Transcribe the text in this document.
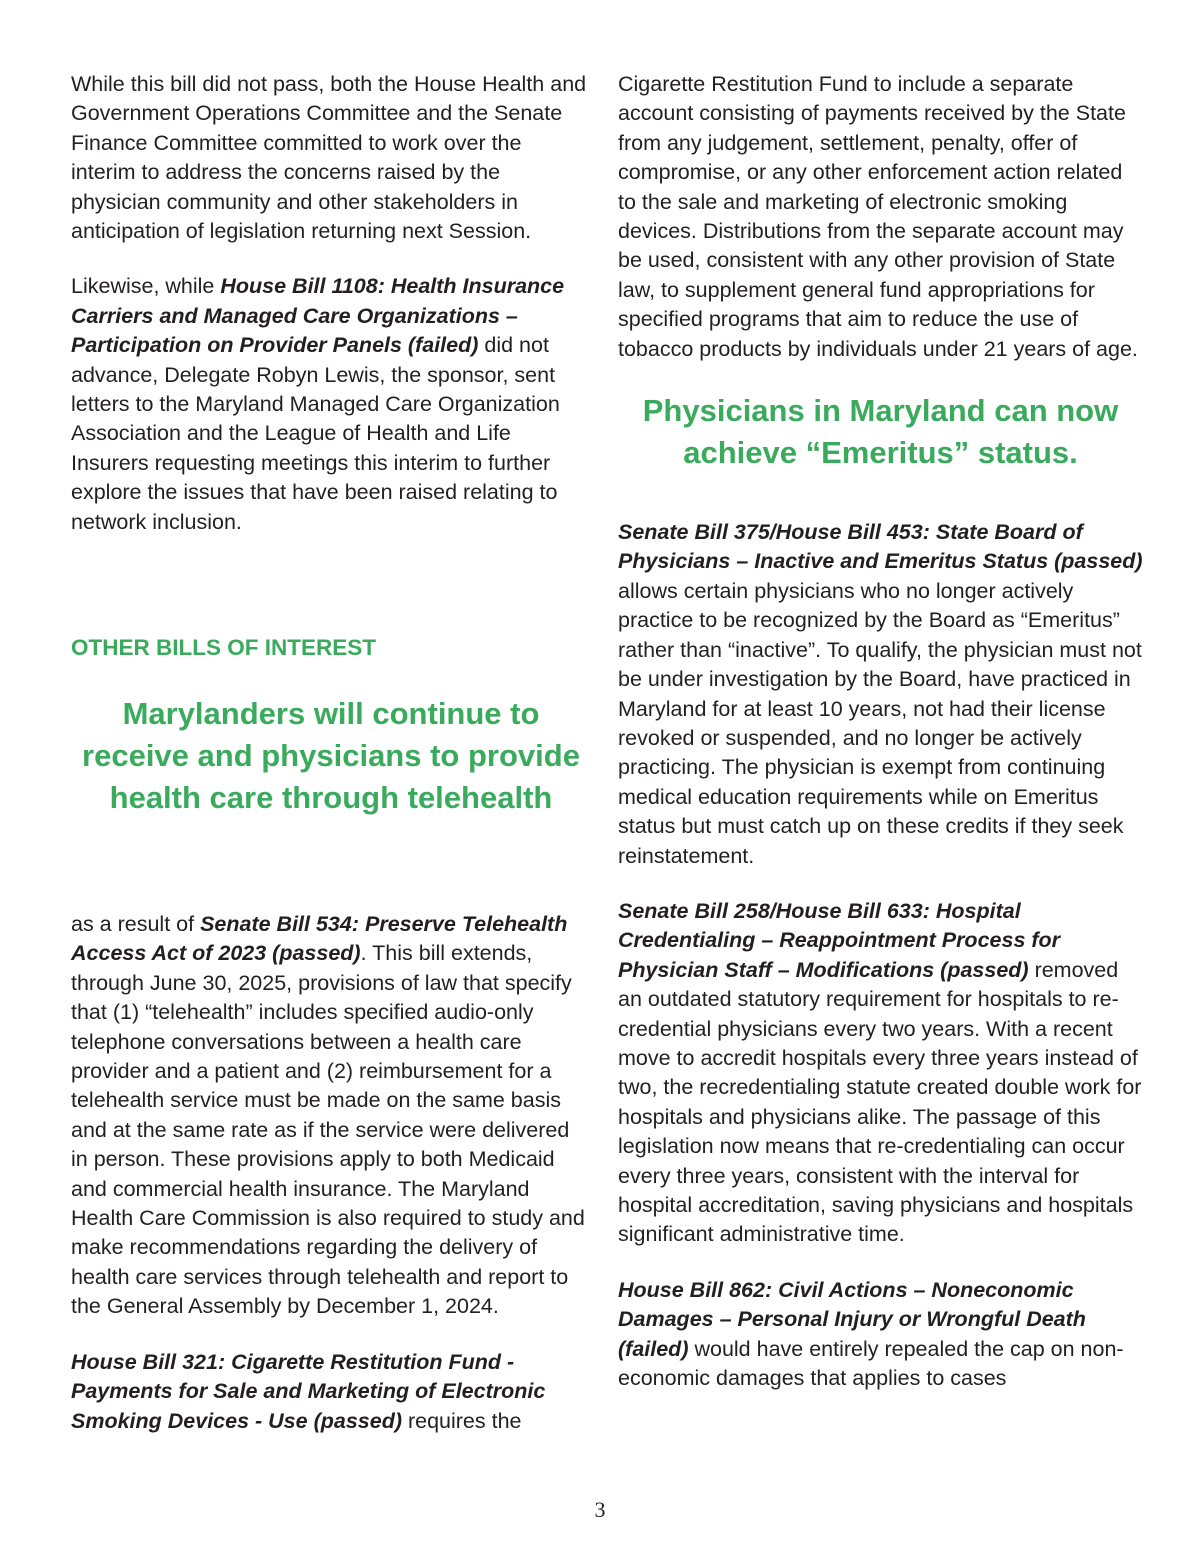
While this bill did not pass, both the House Health and Government Operations Committee and the Senate Finance Committee committed to work over the interim to address the concerns raised by the physician community and other stakeholders in anticipation of legislation returning next Session.

Likewise, while House Bill 1108: Health Insurance Carriers and Managed Care Organizations – Participation on Provider Panels (failed) did not advance, Delegate Robyn Lewis, the sponsor, sent letters to the Maryland Managed Care Organization Association and the League of Health and Life Insurers requesting meetings this interim to further explore the issues that have been raised relating to network inclusion.

OTHER BILLS OF INTEREST
Marylanders will continue to receive and physicians to provide health care through telehealth

as a result of Senate Bill 534: Preserve Telehealth Access Act of 2023 (passed). This bill extends, through June 30, 2025, provisions of law that specify that (1) “telehealth” includes specified audio-only telephone conversations between a health care provider and a patient and (2) reimbursement for a telehealth service must be made on the same basis and at the same rate as if the service were delivered in person. These provisions apply to both Medicaid and commercial health insurance. The Maryland Health Care Commission is also required to study and make recommendations regarding the delivery of health care services through telehealth and report to the General Assembly by December 1, 2024.

House Bill 321: Cigarette Restitution Fund - Payments for Sale and Marketing of Electronic Smoking Devices - Use (passed) requires the

Cigarette Restitution Fund to include a separate account consisting of payments received by the State from any judgement, settlement, penalty, offer of compromise, or any other enforcement action related to the sale and marketing of electronic smoking devices. Distributions from the separate account may be used, consistent with any other provision of State law, to supplement general fund appropriations for specified programs that aim to reduce the use of tobacco products by individuals under 21 years of age.

Physicians in Maryland can now achieve “Emeritus” status.

Senate Bill 375/House Bill 453: State Board of Physicians – Inactive and Emeritus Status (passed) allows certain physicians who no longer actively practice to be recognized by the Board as “Emeritus” rather than “inactive”. To qualify, the physician must not be under investigation by the Board, have practiced in Maryland for at least 10 years, not had their license revoked or suspended, and no longer be actively practicing. The physician is exempt from continuing medical education requirements while on Emeritus status but must catch up on these credits if they seek reinstatement.

Senate Bill 258/House Bill 633: Hospital Credentialing – Reappointment Process for Physician Staff – Modifications (passed) removed an outdated statutory requirement for hospitals to re-credential physicians every two years. With a recent move to accredit hospitals every three years instead of two, the recredentialing statute created double work for hospitals and physicians alike. The passage of this legislation now means that re-credentialing can occur every three years, consistent with the interval for hospital accreditation, saving physicians and hospitals significant administrative time.

House Bill 862: Civil Actions – Noneconomic Damages – Personal Injury or Wrongful Death (failed) would have entirely repealed the cap on non-economic damages that applies to cases

3
